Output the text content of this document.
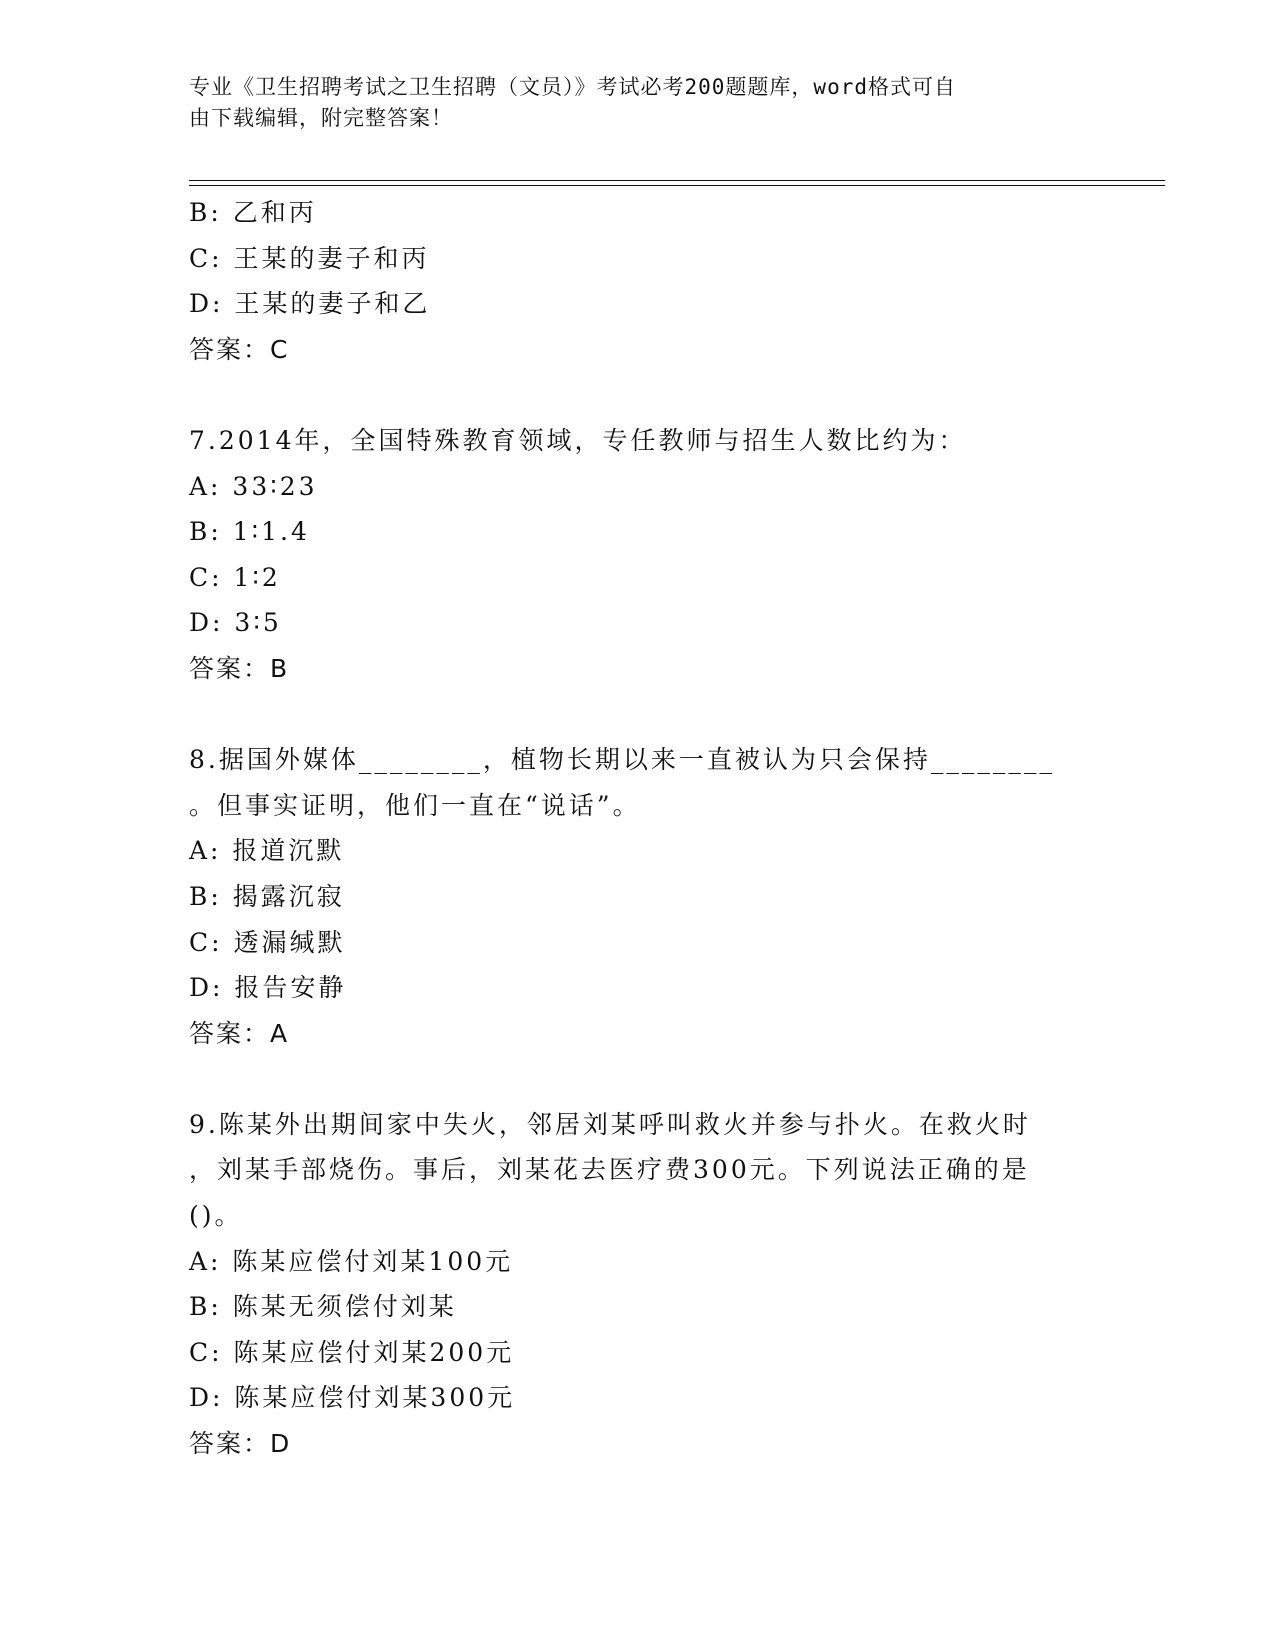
专业《卫生招聘考试之卫生招聘（文员）》考试必考200题题库，word格式可自
由下载编辑，附完整答案！
B: 乙和丙
C: 王某的妻子和丙
D: 王某的妻子和乙
答案：C
7.2014年，全国特殊教育领域，专任教师与招生人数比约为：
A: 33∶23
B: 1∶1.4
C: 1∶2
D: 3∶5
答案：B
8.据国外媒体________，植物长期以来一直被认为只会保持________
。但事实证明，他们一直在“说话”。
A: 报道沉默
B: 揭露沉寂
C: 透漏缄默
D: 报告安静
答案：A
9.陈某外出期间家中失火，邻居刘某呼叫救火并参与扑火。在救火时
，刘某手部烧伤。事后，刘某花去医疗费300元。下列说法正确的是
()。
A: 陈某应偿付刘某100元
B: 陈某无须偿付刘某
C: 陈某应偿付刘某200元
D: 陈某应偿付刘某300元
答案：D
